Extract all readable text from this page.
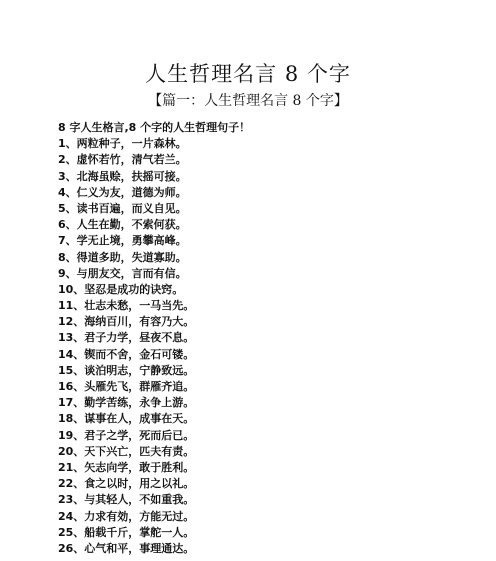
人生哲理名言 8 个字
【篇一：人生哲理名言 8 个字】
8 字人生格言,8 个字的人生哲理句子！
1、两粒种子，一片森林。
2、虚怀若竹，清气若兰。
3、北海虽赊，扶摇可接。
4、仁义为友，道德为师。
5、读书百遍，而义自见。
6、人生在勤，不索何获。
7、学无止境，勇攀高峰。
8、得道多助，失道寡助。
9、与朋友交，言而有信。
10、坚忍是成功的诀窍。
11、壮志未愁，一马当先。
12、海纳百川，有容乃大。
13、君子力学，昼夜不息。
14、锲而不舍，金石可镂。
15、谈泊明志，宁静致远。
16、头雁先飞，群雁齐追。
17、勤学苦练，永争上游。
18、谋事在人，成事在天。
19、君子之学，死而后已。
20、天下兴亡，匹夫有责。
21、矢志向学，敢于胜利。
22、食之以时，用之以礼。
23、与其轻人，不如重我。
24、力求有効，方能无过。
25、船载千斤，掌舵一人。
26、心气和平，事理通达。
